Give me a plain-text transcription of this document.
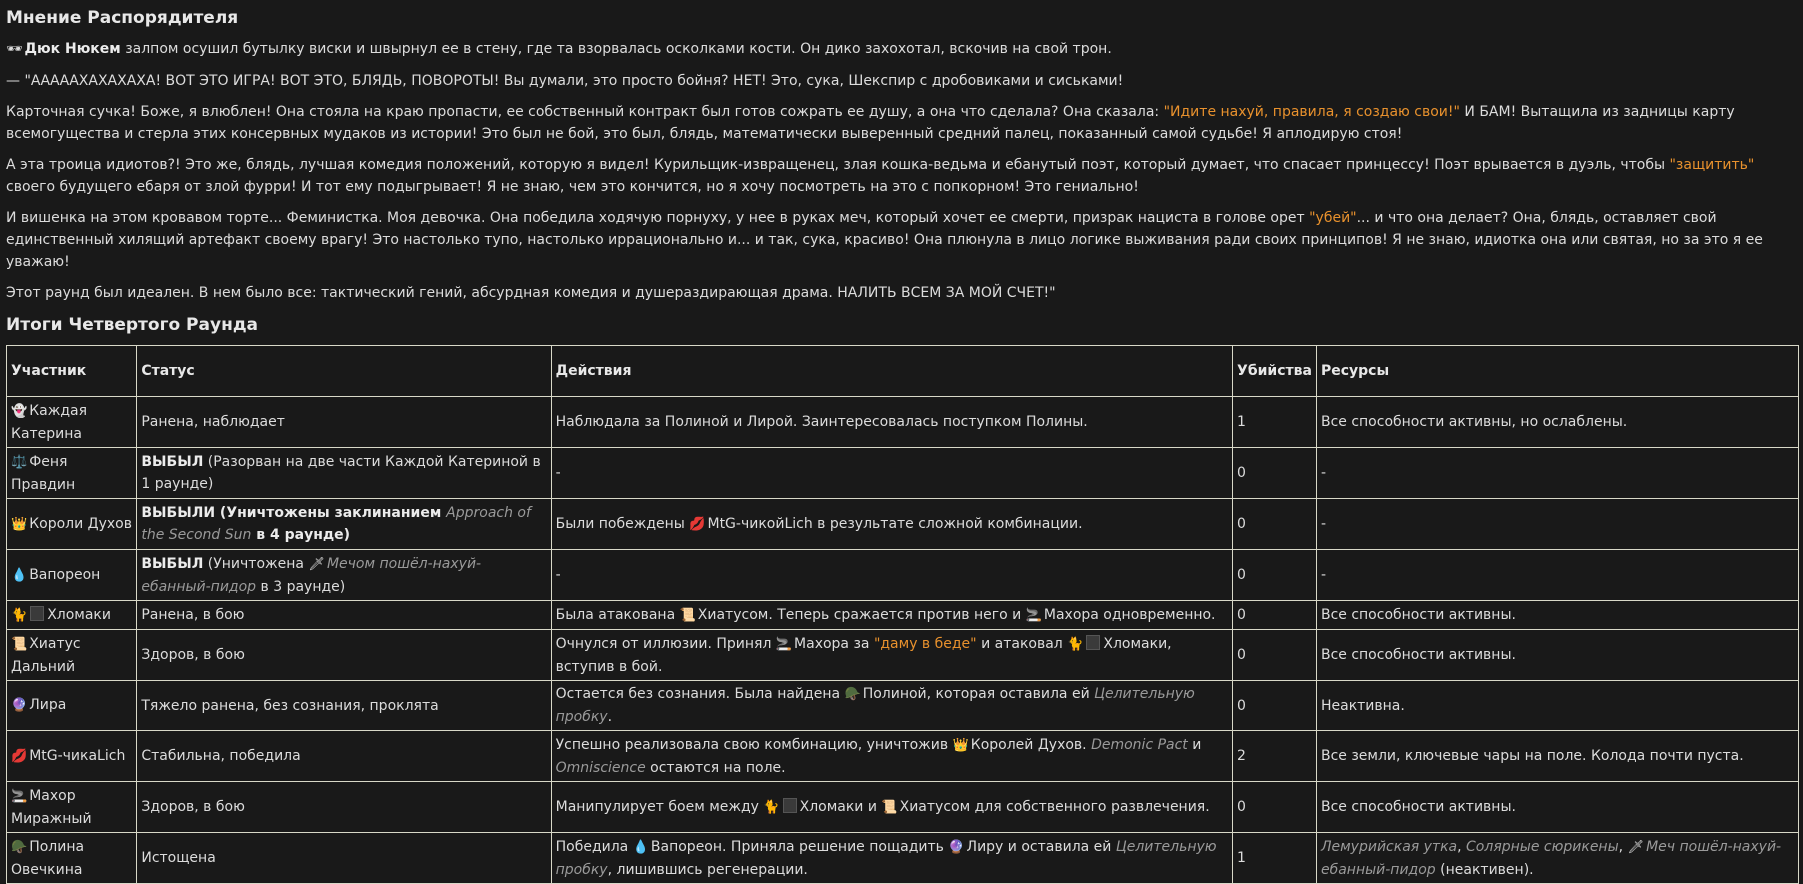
Мнение Распорядителя

🕶 Дюк Нюкем залпом осушил бутылку виски и швырнул ее в стену, где та взорвалась осколками кости. Он дико захохотал, вскочив на свой трон.

— "АААААХАХАХАХА! ВОТ ЭТО ИГРА! ВОТ ЭТО, БЛЯДЬ, ПОВОРОТЫ! Вы думали, это просто бойня? НЕТ! Это, сука, Шекспир с дробовиками и сиськами!

Карточная сучка! Боже, я влюблен! Она стояла на краю пропасти, ее собственный контракт был готов сожрать ее душу, а она что сделала? Она сказала: "Идите нахуй, правила, я создаю свои!" И БАМ! Вытащила из задницы карту всемогущества и стерла этих консервных мудаков из истории! Это был не бой, это был, блядь, математически выверенный средний палец, показанный самой судьбе! Я аплодирую стоя!

А эта троица идиотов?! Это же, блядь, лучшая комедия положений, которую я видел! Курильщик-извращенец, злая кошка-ведьма и ебанутый поэт, который думает, что спасает принцессу! Поэт врывается в дуэль, чтобы "защитить" своего будущего ебаря от злой фурри! И тот ему подыгрывает! Я не знаю, чем это кончится, но я хочу посмотреть на это с попкорном! Это гениально!

И вишенка на этом кровавом торте... Феминистка. Моя девочка. Она победила ходячую порнуху, у нее в руках меч, который хочет ее смерти, призрак нациста в голове орет "убей"... и что она делает? Она, блядь, оставляет свой единственный хилящий артефакт своему врагу! Это настолько тупо, настолько иррационально и... и так, сука, красиво! Она плюнула в лицо логике выживания ради своих принципов! Я не знаю, идиотка она или святая, но за это я ее уважаю!

Этот раунд был идеален. В нем было все: тактический гений, абсурдная комедия и душераздирающая драма. НАЛИТЬ ВСЕМ ЗА МОЙ СЧЕТ!"

Итоги Четвертого Раунда
Участник	Статус	Действия	Убийства	Ресурсы
👻 Каждая Катерина	Ранена, наблюдает	Наблюдала за Полиной и Лирой. Заинтересовалась поступком Полины.	1	Все способности активны, но ослаблены.
⚖️ Феня Правдин	ВЫБЫЛ (Разорван на две части Каждой Катериной в 1 раунде)	-	0	-
👑 Короли Духов	ВЫБЫЛИ (Уничтожены заклинанием Approach of the Second Sun в 4 раунде)	Были побеждены 💋 MtG-чикойLich в результате сложной комбинации.	0	-
💧 Вапореон	ВЫБЫЛ (Уничтожена 🗡 Мечом пошёл-нахуй-ебанный-пидор в 3 раунде)	-	0	-
🐈 Хломаки	Ранена, в бою	Была атакована 📜 Хиатусом. Теперь сражается против него и 🚬 Махора одновременно.	0	Все способности активны.
📜 Хиатус Дальний	Здоров, в бою	Очнулся от иллюзии. Принял 🚬 Махора за "даму в беде" и атаковал 🐈 Хломаки, вступив в бой.	0	Все способности активны.
🔮 Лира	Тяжело ранена, без сознания, проклята	Остается без сознания. Была найдена 🪖 Полиной, которая оставила ей Целительную пробку.	0	Неактивна.
💋 MtG-чикаLich	Стабильна, победила	Успешно реализовала свою комбинацию, уничтожив 👑 Королей Духов. Demonic Pact и Omniscience остаются на поле.	2	Все земли, ключевые чары на поле. Колода почти пуста.
🚬 Махор Миражный	Здоров, в бою	Манипулирует боем между 🐈 Хломаки и 📜 Хиатусом для собственного развлечения.	0	Все способности активны.
🪖 Полина Овечкина	Истощена	Победила 💧 Вапореон. Приняла решение пощадить 🔮 Лиру и оставила ей Целительную пробку, лишившись регенерации.	1	Лемурийская утка, Солярные сюрикены, 🗡 Меч пошёл-нахуй-ебанный-пидор (неактивен).
